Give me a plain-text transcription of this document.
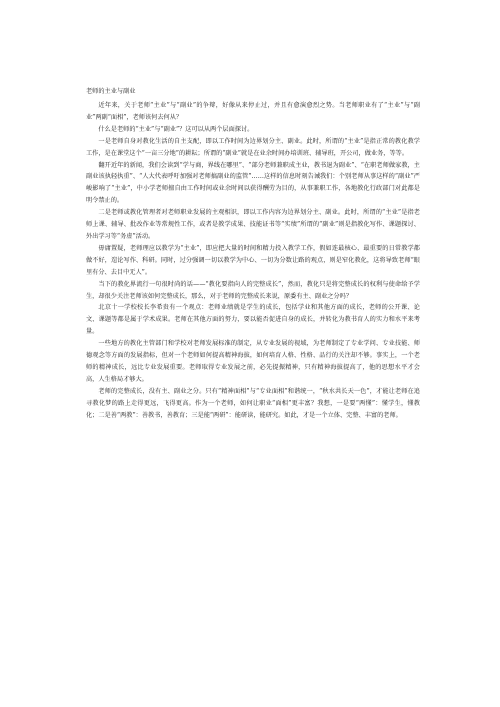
老师的主业与副业

近年来，关于老师“主业”与“副业”的争辩，好像从来停止过，并且有愈演愈烈之势。当老师职业有了“主业”与“副业”两副“面相”，老师该何去何从？

什么是老师的“主业”与“副业”？这可以从两个层面探讨。

一是老师自身对教化生活的自主支配，即以工作时间为边界划分主、副业。此时，所谓的“主业”是指正常的教化教学工作，是在课堂这个“一亩三分地”的耕耘；所谓的“副业”就是在业余时间办培训班、辅导班，开公司，做业务，等等。

翻开近年的新闻，我们会读到“学与商，界线在哪里”、“部分老师兼职成主业，教书退为副业”、“在职老师做家教，主副业该执轻执重”、“人大代表呼吁加强对老师搞副业的监管”……这样的信息时刻告诫我们：个别老师从事这样的“副业”严峻影响了“主业”，中小学老师擅自由工作时间或业余时间以获得酬劳为目的，从事兼职工作，各地教化行政部门对此都是明令禁止的。

二是老师或教化管理者对老师职业发展的主观相识，即以工作内容为边界划分主、副业。此时，所谓的“主业”是指老师上课、辅导、批改作业等常规性工作，或者是教学成果、技能证书等“实绩”所谓的“副业”则是指教化写作、课题探讨、外出学习等“务虚”活动。

毋庸置疑，老师理应以教学为“主业”，即应把大量的时间和精力投入教学工作，假如连最核心、最重要的日常教学都做不好，遑论写作、科研。同时，过分强调一切以教学为中心、一切为分数让路的观点，则是窄化教化，这将导致老师“眼里有分、去目中无人”。

当下的教化界流行一句很时尚的话——“教化要指向人的完整成长”，然而，教化只是将完整成长的权利与使命给予学生，却很少关注老师该如何完整成长，那么，对于老师的完整成长来说，原委有主、副业之分吗？

北京十一学校校长李希贵有一个观点：老师业绩就是学生的成长，包括学业和其他方面的成长，老师的公开课、论文、课题等都是属于学术成果。老师在其他方面的努力，要以能否促进自身的成长，并转化为教书育人的实力和水平来考量。

一些地方的教化主管部门和学校对老师发展标准的制定，从专业发展的视域，为老师制定了专业学问、专业技能、师德观念等方面的发展指标，但对一个老师如何提高精神海拔，如何培育人格、性格、品行的关注却不够。事实上，一个老师的精神成长，远比专业发展重要。老师取得专业发展之前，必先提振精神，只有精神海拔提高了，他的思想水平才会高，人生格局才够大。

老师的完整成长，没有主、副业之分。只有“精神面相”与“专业面相”和谐统一，“秋水共长天一色”，才能让老师在追寻教化梦的路上走得更远，飞得更高。作为一个老师，如何让职业“面相”更丰富？我想，一是要“两懂”：懂学生，懂教化；二是善“两教”：善教书，善教育；三是能“两研”：能研读，能研究。如此，才是一个立体、完整、丰富的老师。
